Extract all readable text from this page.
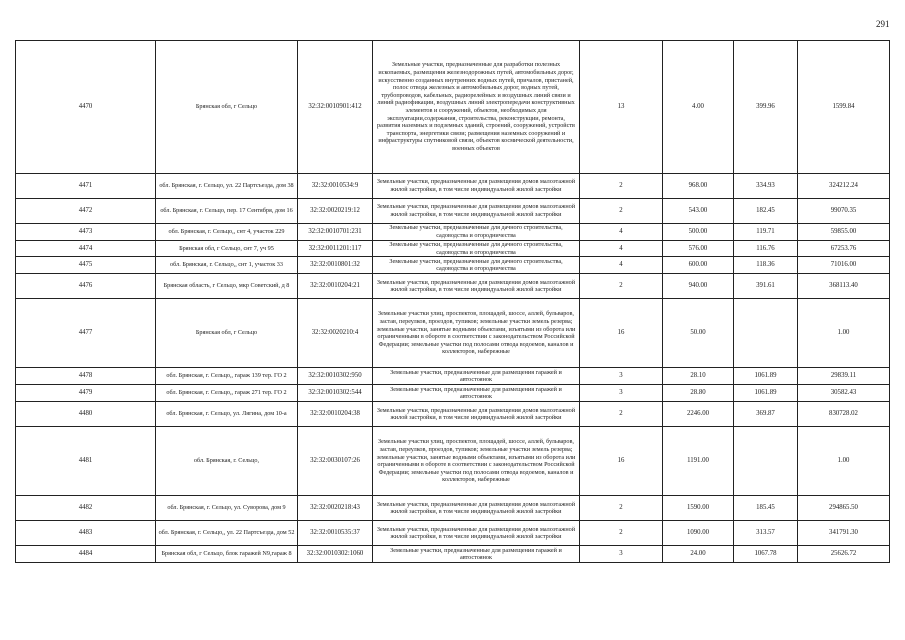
291
4470	Брянская обл, г Сельцо	32:32:0010901:412	Земельные участки, предназначенные для разработки полезных ископаемых, размещения железнодорожных путей, автомобильных дорог, искусственно созданных внутренних водных путей, причалов, пристаней, полос отвода железных и автомобильных дорог, водных путей, трубопроводов, кабельных, радиорелейных и воздушных линий связи и линий радиофикации, воздушных линий электропередачи конструктивных элементов и сооружений, объектов, необходимых для эксплуатации,содержания, строительства, реконструкции, ремонта, развития наземных и подземных зданий, строений, сооружений, устройств транспорта, энергетики связи; размещения наземных сооружений и инфраструктуры спутниковой связи, объектов космической деятельности, военных объектов	13	4.00	399.96	1599.84
4471	обл. Брянская, г. Сельцо, ул. 22 Партсъезда, дом 38	32:32:0010534:9	Земельные участки, предназначенные для размещения домов малоэтажной жилой застройки, в том числе индивидуальной жилой застройки	2	968.00	334.93	324212.24
4472	обл. Брянская, г. Сельцо, пер. 17 Сентября, дом 16	32:32:0020219:12	Земельные участки, предназначенные для размещения домов малоэтажной жилой застройки, в том числе индивидуальной жилой застройки	2	543.00	182.45	99070.35
4473	обл. Брянская, г. Сельцо,, снт 4, участок 229	32:32:0010701:231	Земельные участки, предназначенные для дачного строительства, садоводства и огородничества	4	500.00	119.71	59855.00
4474	Брянская обл, г Сельцо, снт 7, уч 95	32:32:0011201:117	Земельные участки, предназначенные для дачного строительства, садоводства и огородничества	4	576.00	116.76	67253.76
4475	обл. Брянская, г. Сельцо,, снт 1, участок 33	32:32:0010801:32	Земельные участки, предназначенные для дачного строительства, садоводства и огородничества	4	600.00	118.36	71016.00
4476	Брянская область, г Сельцо, мкр Советский, д 8	32:32:0010204:21	Земельные участки, предназначенные для размещения домов малоэтажной жилой застройки, в том числе индивидуальной жилой застройки	2	940.00	391.61	368113.40
4477	Брянская обл, г Сельцо	32:32:0020210:4	Земельные участки улиц, проспектов, площадей, шоссе, аллей, бульваров, застав, переулков, проездов, тупиков; земельные участки земель резерва; земельные участки, занятые водными объектами, изъятыми из оборота или ограниченными в обороте в соответствии с законодательством Российской Федерации; земельные участки под полосами отвода водоемов, каналов и коллекторов, набережные	16	50.00		1.00
4478	обл. Брянская, г. Сельцо,, гараж 139 тер. ГО 2	32:32:0010302:950	Земельные участки, предназначенные для размещения гаражей и автостоянок	3	28.10	1061.89	29839.11
4479	обл. Брянская, г. Сельцо,, гараж 271 тер. ГО 2	32:32:0010302:544	Земельные участки, предназначенные для размещения гаражей и автостоянок	3	28.80	1061.89	30582.43
4480	обл. Брянская, г. Сельцо, ул. Лягина, дом 10-а	32:32:0010204:38	Земельные участки, предназначенные для размещения домов малоэтажной жилой застройки, в том числе индивидуальной жилой застройки	2	2246.00	369.87	830728.02
4481	обл. Брянская, г. Сельцо,	32:32:0030107:26	Земельные участки улиц, проспектов, площадей, шоссе, аллей, бульваров, застав, переулков, проездов, тупиков; земельные участки земель резерва; земельные участки, занятые водными объектами, изъятыми из оборота или ограниченными в обороте в соответствии с законодательством Российской Федерации; земельные участки под полосами отвода водоемов, каналов и коллекторов, набережные	16	1191.00		1.00
4482	обл. Брянская, г. Сельцо, ул. Суворова, дом 9	32:32:0020218:43	Земельные участки, предназначенные для размещения домов малоэтажной жилой застройки, в том числе индивидуальной жилой застройки	2	1590.00	185.45	294865.50
4483	обл. Брянская, г. Сельцо,, ул. 22 Партсъезда, дом 52	32:32:0010535:37	Земельные участки, предназначенные для размещения домов малоэтажной жилой застройки, в том числе индивидуальной жилой застройки	2	1090.00	313.57	341791.30
4484	Брянская обл, г Сельцо, блок гаражей N9,гараж 8	32:32:0010302:1060	Земельные участки, предназначенные для размещения гаражей и автостоянок	3	24.00	1067.78	25626.72
